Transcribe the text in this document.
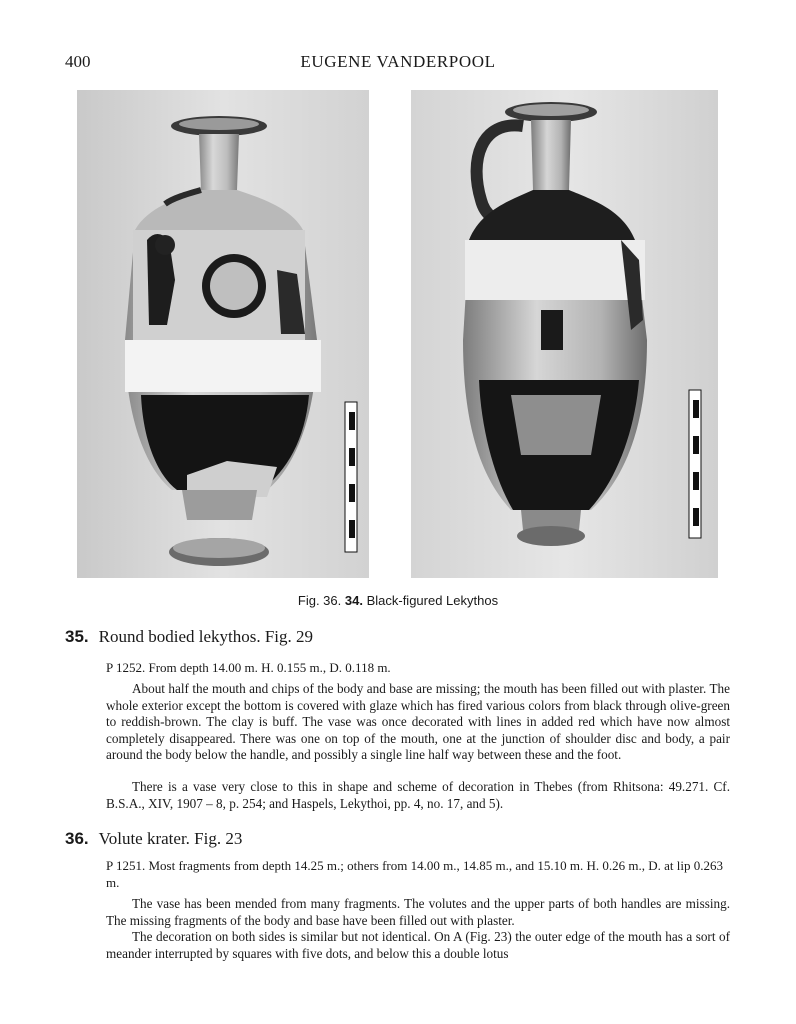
400	EUGENE VANDERPOOL
Fig. 36. 34. Black-figured Lekythos
35. Round bodied lekythos. Fig. 29
P 1252. From depth 14.00 m. H. 0.155 m., D. 0.118 m.
About half the mouth and chips of the body and base are missing; the mouth has been filled out with plaster. The whole exterior except the bottom is covered with glaze which has fired various colors from black through olive-green to reddish-brown. The clay is buff. The vase was once decorated with lines in added red which have now almost completely disappeared. There was one on top of the mouth, one at the junction of shoulder disc and body, a pair around the body below the handle, and possibly a single line half way between these and the foot.
There is a vase very close to this in shape and scheme of decoration in Thebes (from Rhitsona: 49.271. Cf. B.S.A., XIV, 1907 – 8, p. 254; and Haspels, Lekythoi, pp. 4, no. 17, and 5).
36. Volute krater. Fig. 23
P 1251. Most fragments from depth 14.25 m.; others from 14.00 m., 14.85 m., and 15.10 m. H. 0.26 m., D. at lip 0.263 m.
The vase has been mended from many fragments. The volutes and the upper parts of both handles are missing. The missing fragments of the body and base have been filled out with plaster.
The decoration on both sides is similar but not identical. On A (Fig. 23) the outer edge of the mouth has a sort of meander interrupted by squares with five dots, and below this a double lotus
